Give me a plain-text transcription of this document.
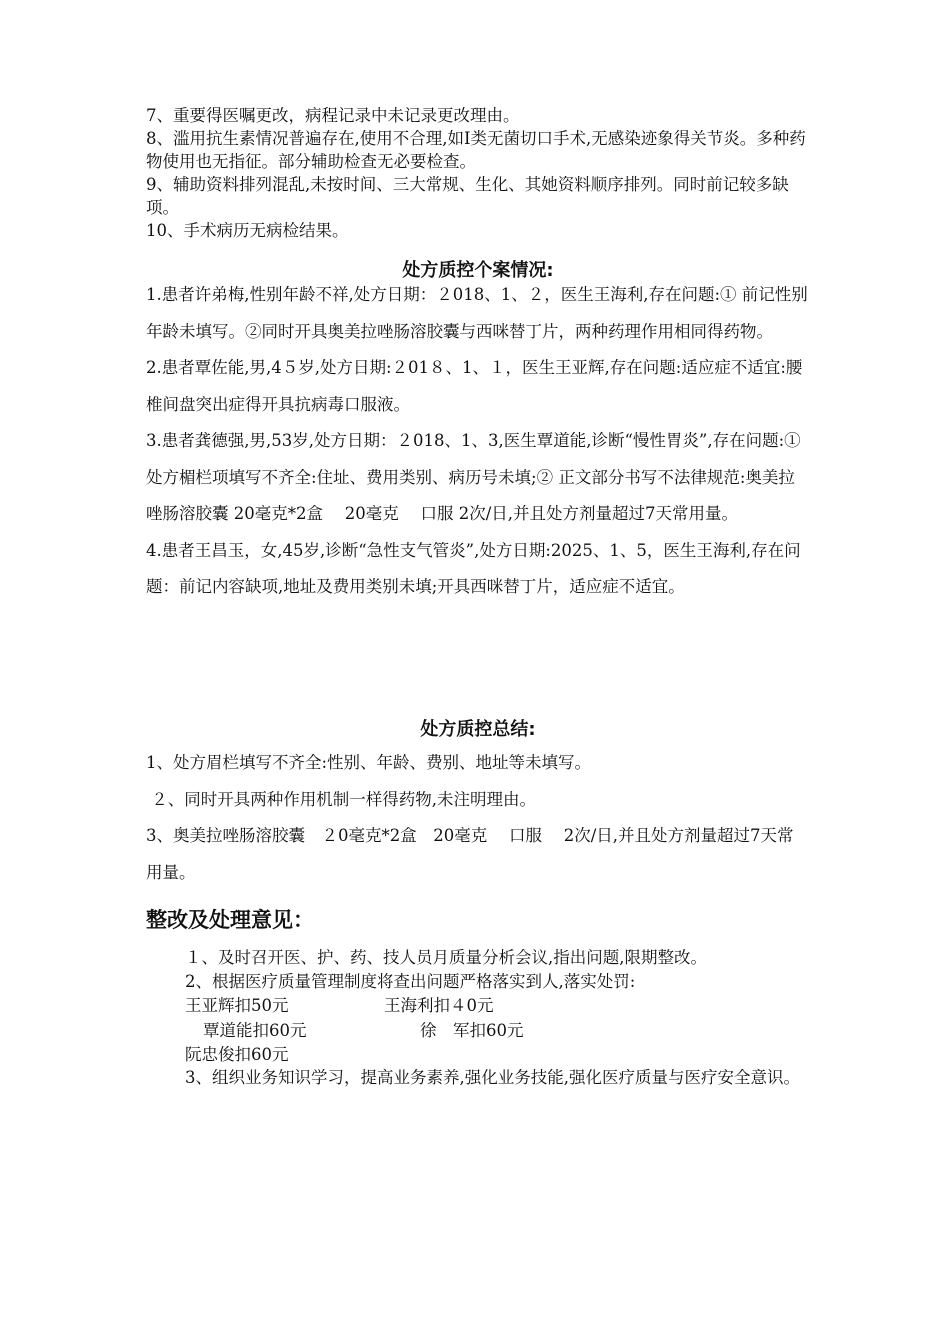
7、重要得医嘱更改，病程记录中未记录更改理由。

8、滥用抗生素情况普遍存在,使用不合理,如Ⅰ类无菌切口手术,无感染迹象得关节炎。多种药物使用也无指征。部分辅助检查无必要检查。

9、辅助资料排列混乱,未按时间、三大常规、生化、其她资料顺序排列。同时前记较多缺项。

10、手术病历无病检结果。

处方质控个案情况:

1.患者许弟梅,性别年龄不祥,处方日期：２018、1、２，医生王海利,存在问题:① 前记性别年龄未填写。②同时开具奥美拉唑肠溶胶囊与西咪替丁片，两种药理作用相同得药物。

2.患者覃佐能,男,4５岁,处方日期:２01８、1、１，医生王亚辉,存在问题:适应症不适宜:腰椎间盘突出症得开具抗病毒口服液。

3.患者龚德强,男,53岁,处方日期：２018、1、3,医生覃道能,诊断“慢性胃炎”,存在问题:①处方楣栏项填写不齐全:住址、费用类别、病历号未填;② 正文部分书写不法律规范:奥美拉唑肠溶胶囊 20毫克*2盒　 20毫克　 口服 2次/日,并且处方剂量超过7天常用量。

4.患者王昌玉，女,45岁,诊断“急性支气管炎”,处方日期:2025、1、5，医生王海利,存在问题：前记内容缺项,地址及费用类别未填;开具西咪替丁片，适应症不适宜。

处方质控总结:

1、处方眉栏填写不齐全:性别、年龄、费别、地址等未填写。

２、同时开具两种作用机制一样得药物,未注明理由。

3、奥美拉唑肠溶胶囊　２0毫克*2盒　20毫克　 口服　 2次/日,并且处方剂量超过7天常用量。

整改及处理意见：

１、及时召开医、护、药、技人员月质量分析会议,指出问题,限期整改。

2、根据医疗质量管理制度将查出问题严格落实到人,落实处罚:

王亚辉扣50元	王海利扣４0元

覃道能扣60元	徐　军扣60元

阮忠俊扣60元

3、组织业务知识学习，提高业务素养,强化业务技能,强化医疗质量与医疗安全意识。
